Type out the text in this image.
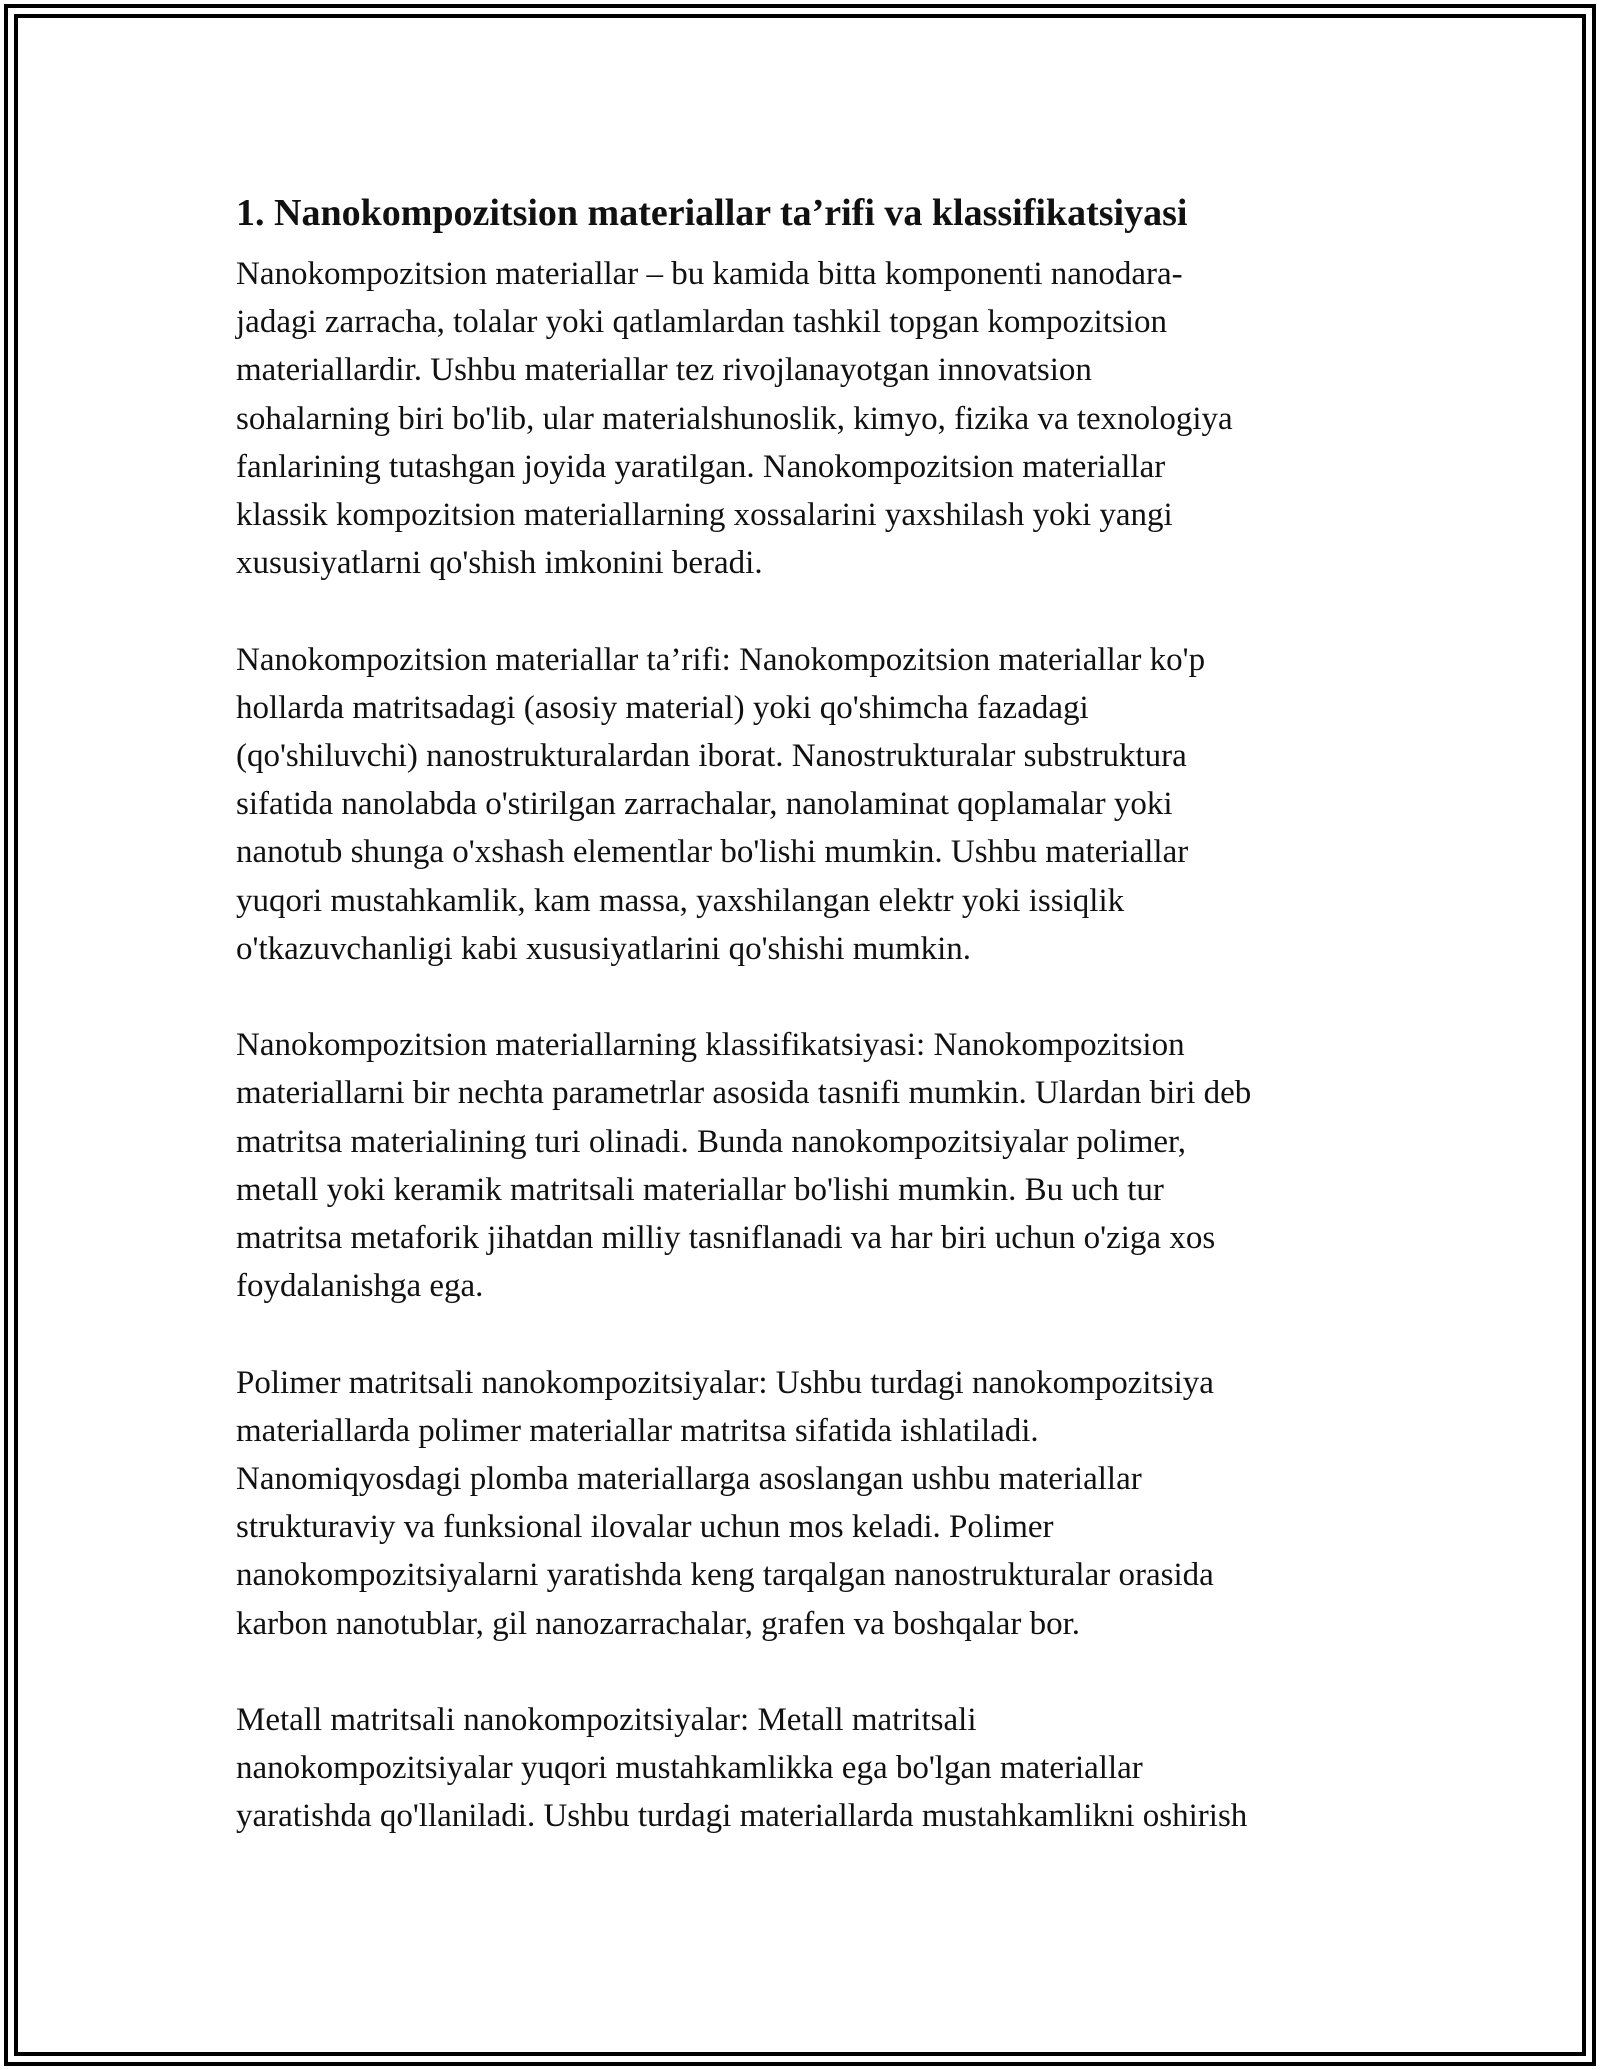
1. Nanokompozitsion materiallar ta’rifi va klassifikatsiyasi

Nanokompozitsion materiallar – bu kamida bitta komponenti nanodara-
jadagi zarracha, tolalar yoki qatlamlardan tashkil topgan kompozitsion
materiallardir. Ushbu materiallar tez rivojlanayotgan innovatsion
sohalarning biri bo'lib, ular materialshunoslik, kimyo, fizika va texnologiya
fanlarining tutashgan joyida yaratilgan. Nanokompozitsion materiallar
klassik kompozitsion materiallarning xossalarini yaxshilash yoki yangi
xususiyatlarni qo'shish imkonini beradi.

Nanokompozitsion materiallar ta’rifi: Nanokompozitsion materiallar ko'p
hollarda matritsadagi (asosiy material) yoki qo'shimcha fazadagi
(qo'shiluvchi) nanostrukturalardan iborat. Nanostrukturalar substruktura
sifatida nanolabda o'stirilgan zarrachalar, nanolaminat qoplamalar yoki
nanotub shunga o'xshash elementlar bo'lishi mumkin. Ushbu materiallar
yuqori mustahkamlik, kam massa, yaxshilangan elektr yoki issiqlik
o'tkazuvchanligi kabi xususiyatlarini qo'shishi mumkin.

Nanokompozitsion materiallarning klassifikatsiyasi: Nanokompozitsion
materiallarni bir nechta parametrlar asosida tasnifi mumkin. Ulardan biri deb
matritsa materialining turi olinadi. Bunda nanokompozitsiyalar polimer,
metall yoki keramik matritsali materiallar bo'lishi mumkin. Bu uch tur
matritsa metaforik jihatdan milliy tasniflanadi va har biri uchun o'ziga xos
foydalanishga ega.

Polimer matritsali nanokompozitsiyalar: Ushbu turdagi nanokompozitsiya
materiallarda polimer materiallar matritsa sifatida ishlatiladi.
Nanomiqyosdagi plomba materiallarga asoslangan ushbu materiallar
strukturaviy va funksional ilovalar uchun mos keladi. Polimer
nanokompozitsiyalarni yaratishda keng tarqalgan nanostrukturalar orasida
karbon nanotublar, gil nanozarrachalar, grafen va boshqalar bor.

Metall matritsali nanokompozitsiyalar: Metall matritsali
nanokompozitsiyalar yuqori mustahkamlikka ega bo'lgan materiallar
yaratishda qo'llaniladi. Ushbu turdagi materiallarda mustahkamlikni oshirish
